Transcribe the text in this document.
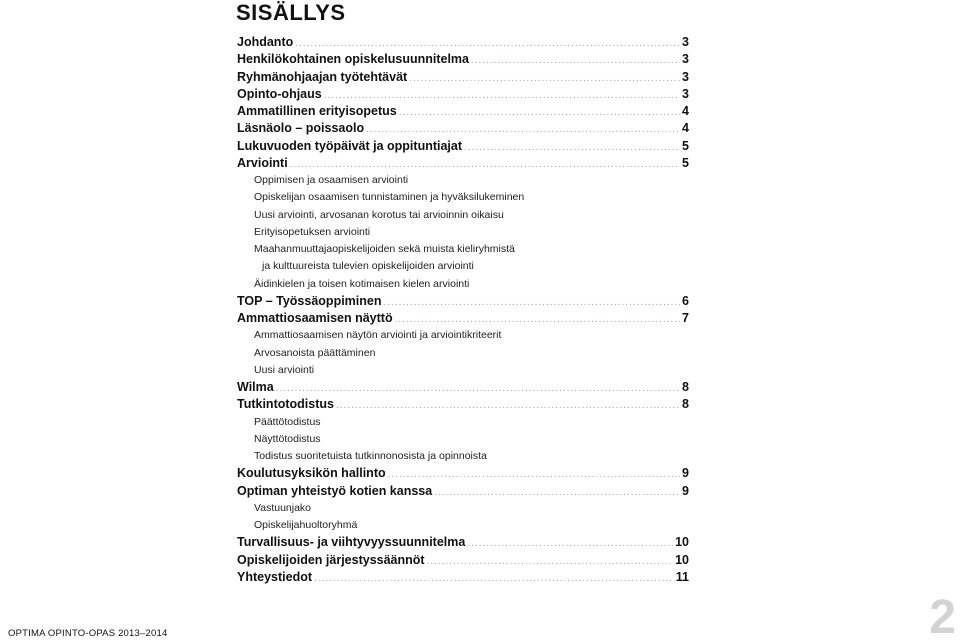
SISÄLLYS
Johdanto .....	3
Henkilökohtainen opiskelusuunnitelma .....	3
Ryhmänohjaajan työtehtävät .....	3
Opinto-ohjaus .....	3
Ammatillinen erityisopetus .....	4
Läsnäolo – poissaolo .....	4
Lukuvuoden työpäivät ja oppituntiajat .....	5
Arviointi .....	5
Oppimisen ja osaamisen arviointi
Opiskelijan osaamisen tunnistaminen ja hyväksilukeminen
Uusi arviointi, arvosanan korotus tai arvioinnin oikaisu
Erityisopetuksen arviointi
Maahanmuuttajaopiskelijoiden sekä muista kieliryhmistä
ja kulttuureista tulevien opiskelijoiden arviointi
Äidinkielen ja toisen kotimaisen kielen arviointi
TOP – Työssäoppiminen .....	6
Ammattiosaamisen näyttö .....	7
Ammattiosaamisen näytön arviointi ja arviointikriteerit
Arvosanoista päättäminen
Uusi arviointi
Wilma .....	8
Tutkintotodistus .....	8
Päättötodistus
Näyttötodistus
Todistus suoritetuista tutkinnonosista ja opinnoista
Koulutusyksikön hallinto .....	9
Optiman yhteistyö kotien kanssa .....	9
Vastuunjako
Opiskelijahuoltoryhmä
Turvallisuus- ja viihtyvyyssuunnitelma .....	10
Opiskelijoiden järjestyssäännöt .....	10
Yhteystiedot .....	11
OPTIMA OPINTO-OPAS 2013–2014	2
